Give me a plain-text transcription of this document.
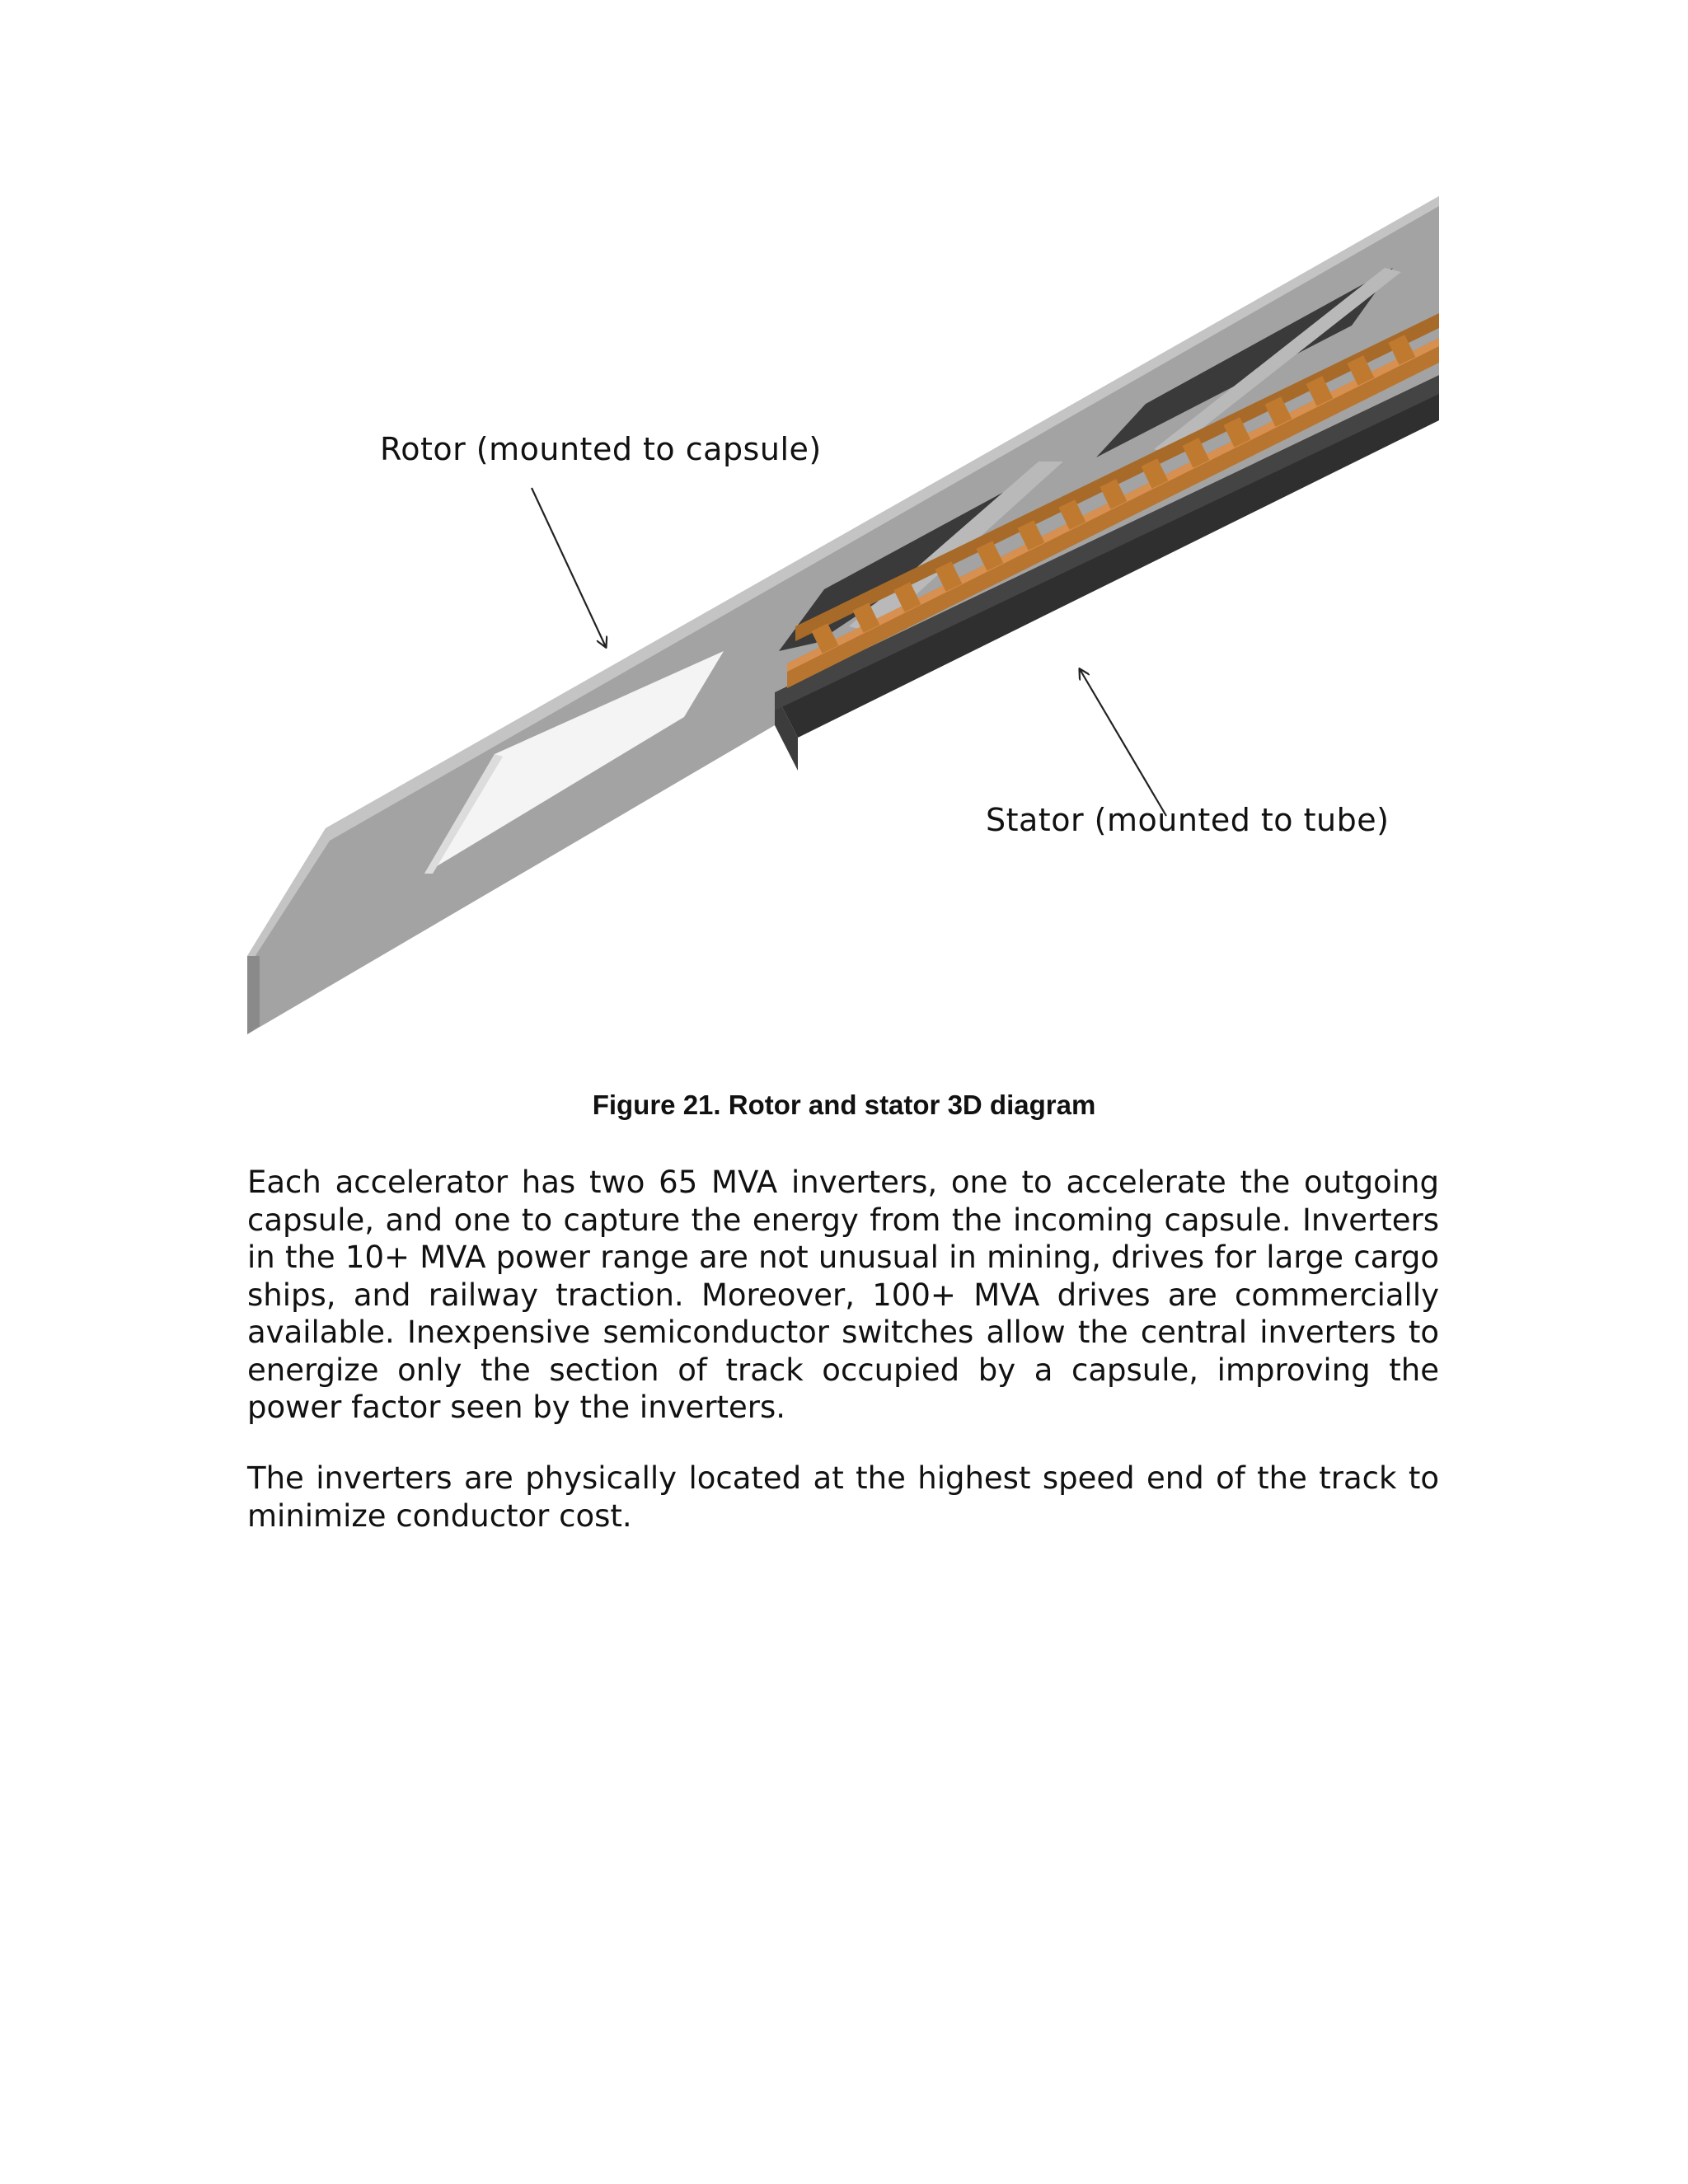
Rotor (mounted to capsule)
Stator (mounted to tube)
Figure 21. Rotor and stator 3D diagram

Each accelerator has two 65 MVA inverters, one to accelerate the outgoing capsule, and one to capture the energy from the incoming capsule. Inverters in the 10+ MVA power range are not unusual in mining, drives for large cargo ships, and railway traction. Moreover, 100+ MVA drives are commercially available. Inexpensive semiconductor switches allow the central inverters to energize only the section of track occupied by a capsule, improving the power factor seen by the inverters.

The inverters are physically located at the highest speed end of the track to minimize conductor cost.
